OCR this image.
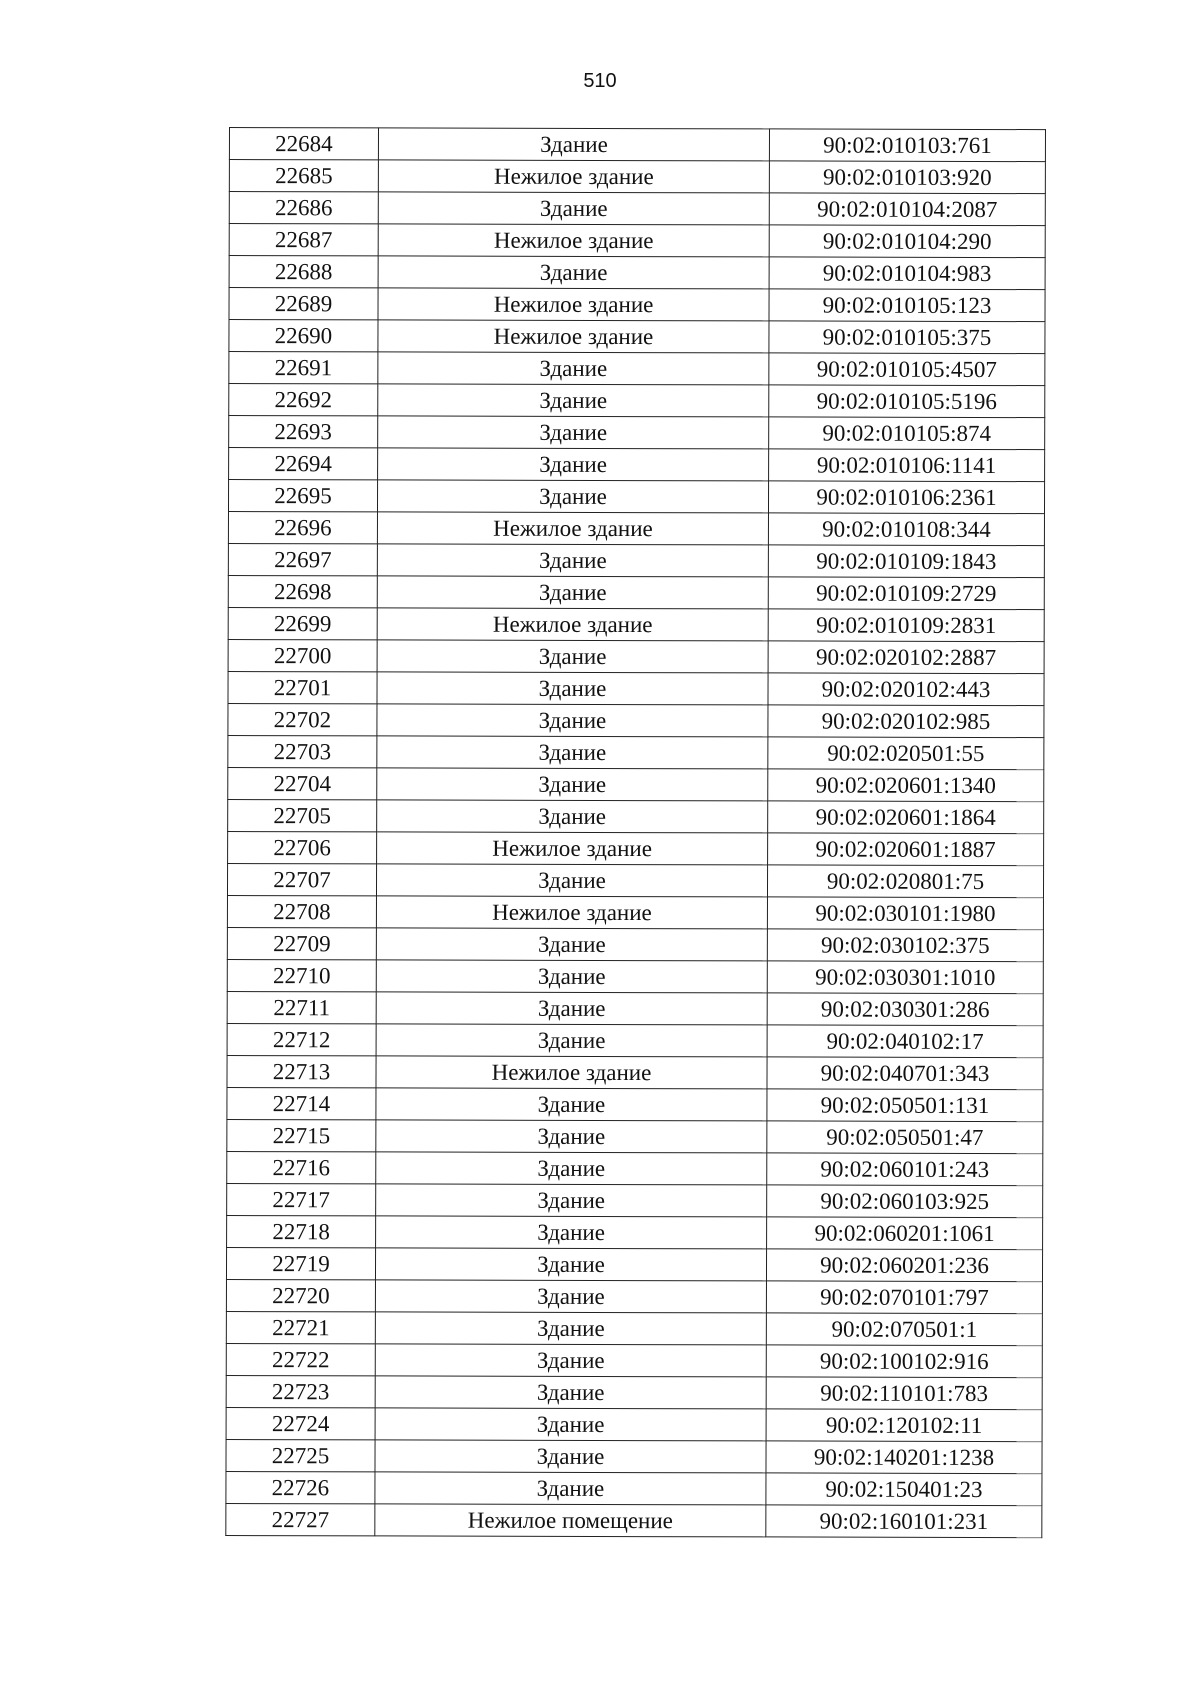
510
22684	Здание	90:02:010103:761
22685	Нежилое здание	90:02:010103:920
22686	Здание	90:02:010104:2087
22687	Нежилое здание	90:02:010104:290
22688	Здание	90:02:010104:983
22689	Нежилое здание	90:02:010105:123
22690	Нежилое здание	90:02:010105:375
22691	Здание	90:02:010105:4507
22692	Здание	90:02:010105:5196
22693	Здание	90:02:010105:874
22694	Здание	90:02:010106:1141
22695	Здание	90:02:010106:2361
22696	Нежилое здание	90:02:010108:344
22697	Здание	90:02:010109:1843
22698	Здание	90:02:010109:2729
22699	Нежилое здание	90:02:010109:2831
22700	Здание	90:02:020102:2887
22701	Здание	90:02:020102:443
22702	Здание	90:02:020102:985
22703	Здание	90:02:020501:55
22704	Здание	90:02:020601:1340
22705	Здание	90:02:020601:1864
22706	Нежилое здание	90:02:020601:1887
22707	Здание	90:02:020801:75
22708	Нежилое здание	90:02:030101:1980
22709	Здание	90:02:030102:375
22710	Здание	90:02:030301:1010
22711	Здание	90:02:030301:286
22712	Здание	90:02:040102:17
22713	Нежилое здание	90:02:040701:343
22714	Здание	90:02:050501:131
22715	Здание	90:02:050501:47
22716	Здание	90:02:060101:243
22717	Здание	90:02:060103:925
22718	Здание	90:02:060201:1061
22719	Здание	90:02:060201:236
22720	Здание	90:02:070101:797
22721	Здание	90:02:070501:1
22722	Здание	90:02:100102:916
22723	Здание	90:02:110101:783
22724	Здание	90:02:120102:11
22725	Здание	90:02:140201:1238
22726	Здание	90:02:150401:23
22727	Нежилое помещение	90:02:160101:231
